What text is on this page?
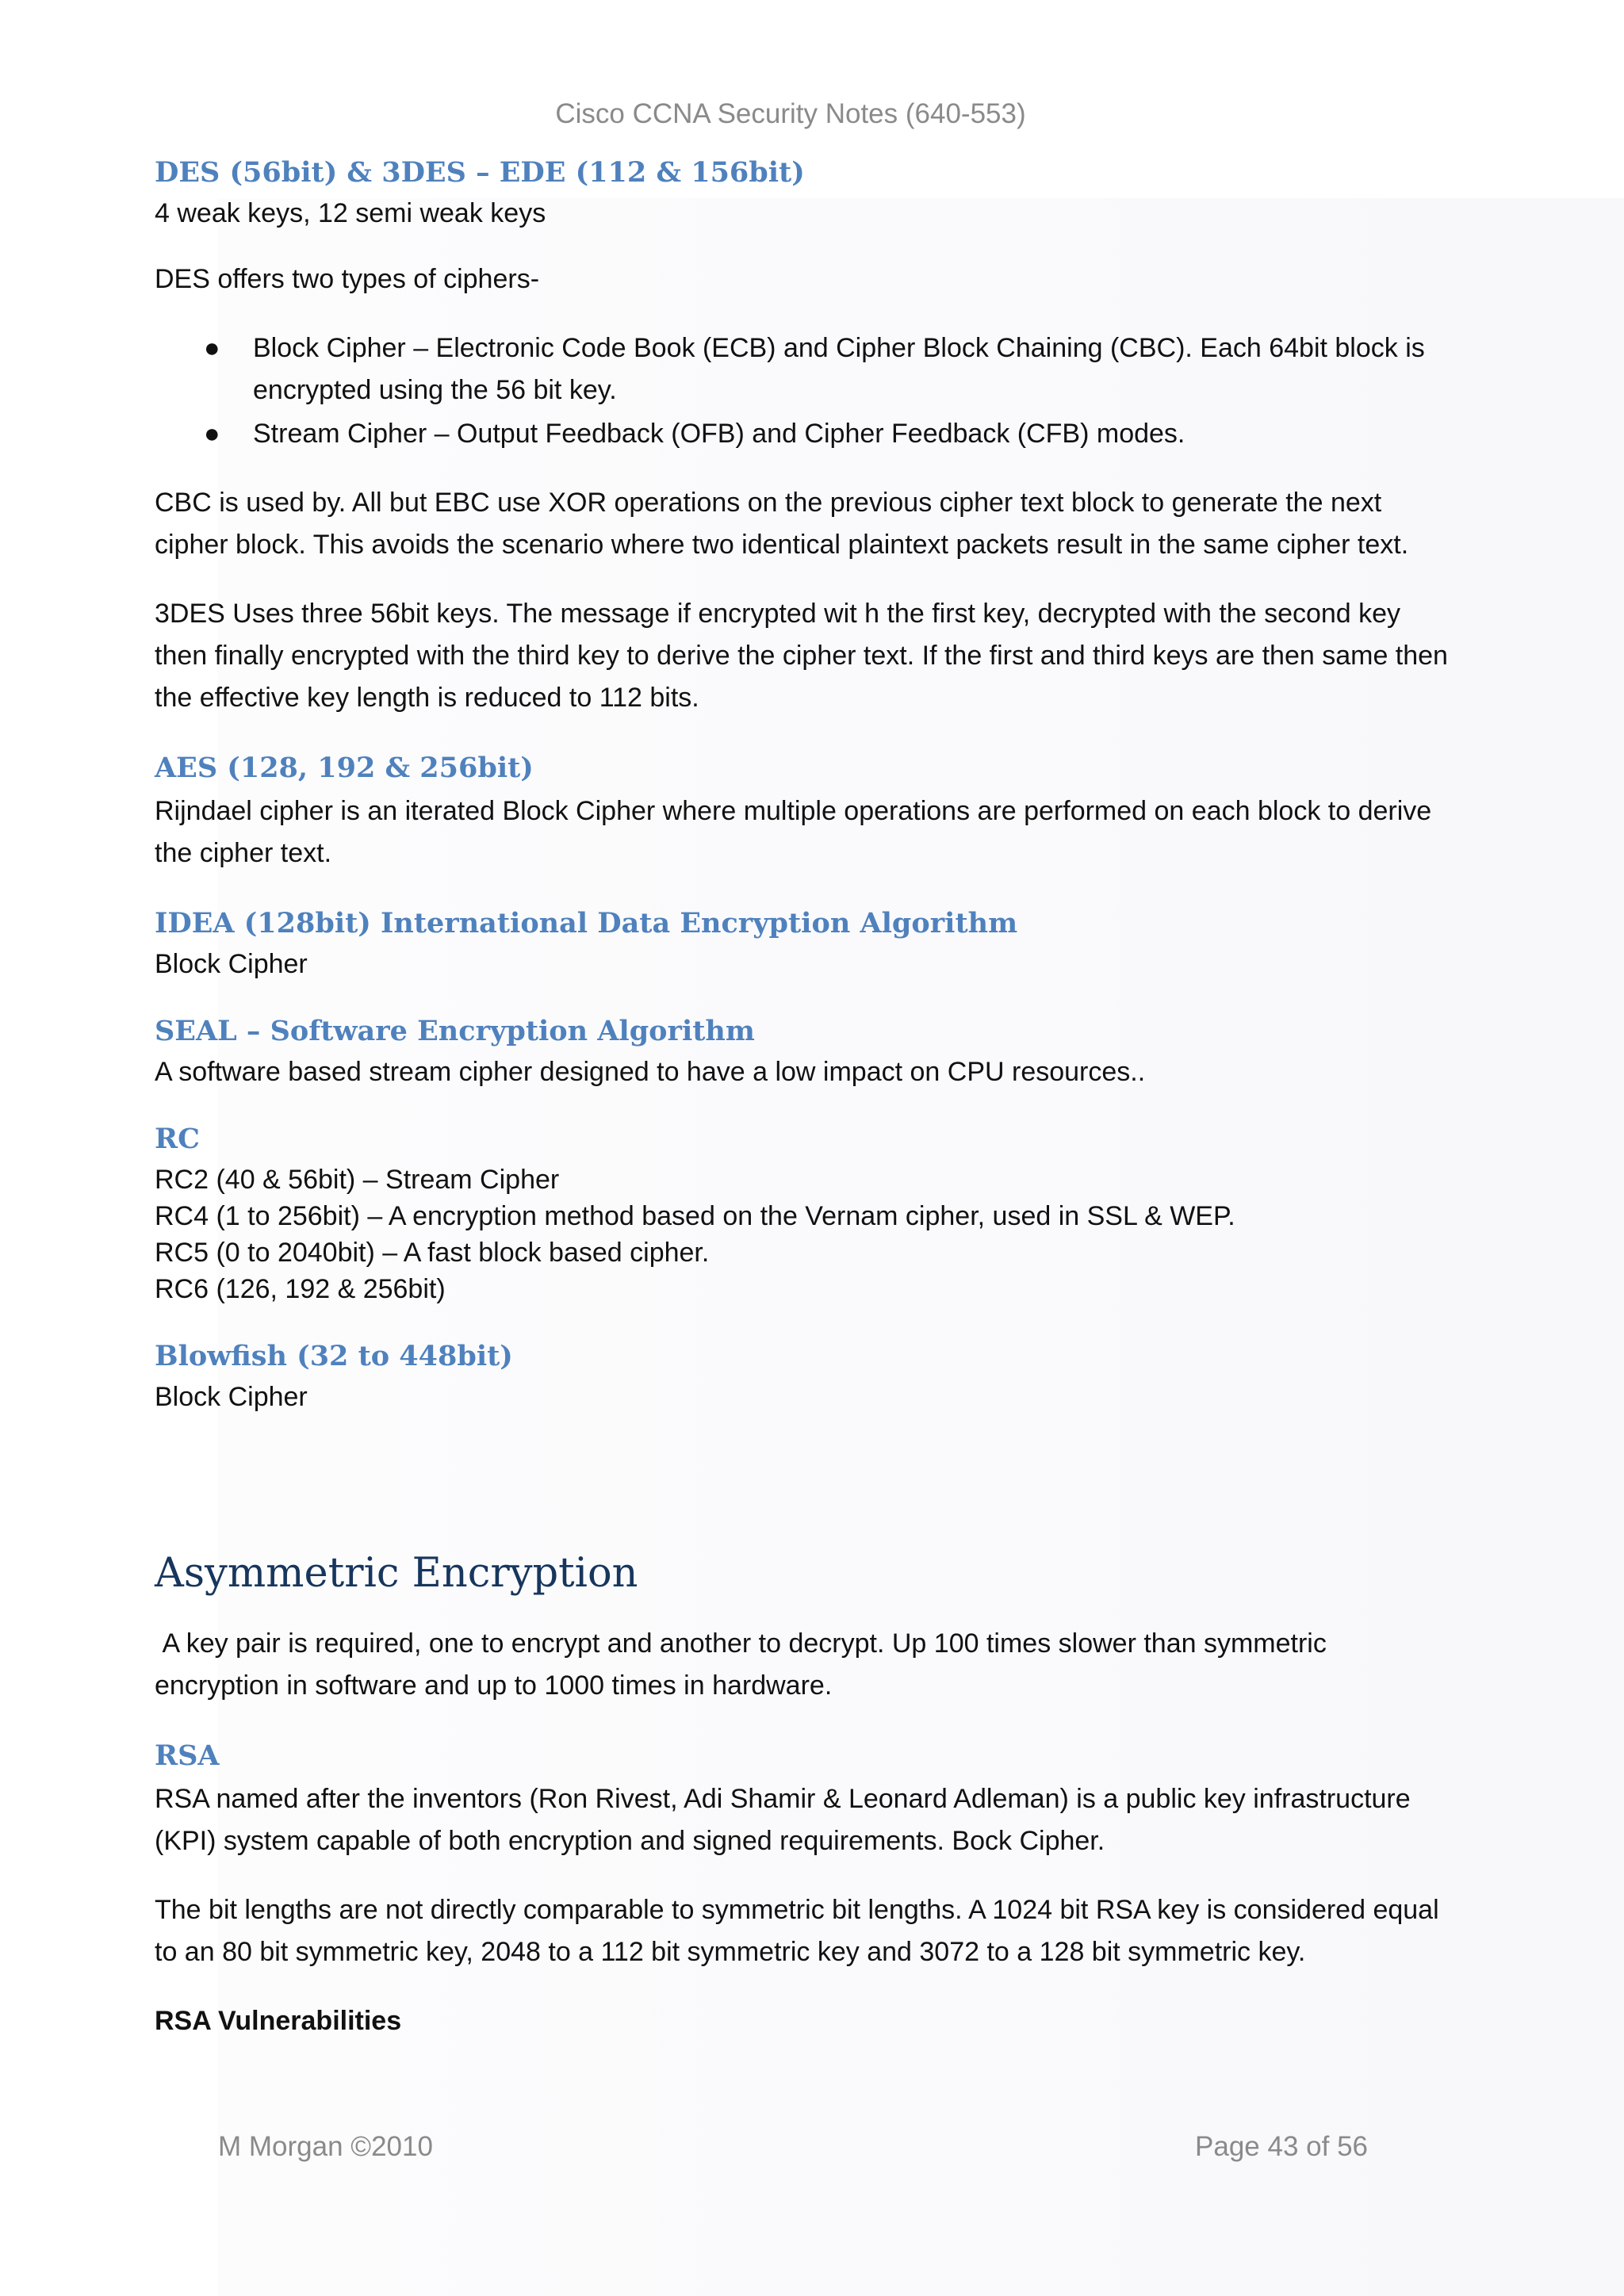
Cisco CCNA Security Notes (640-553)
DES (56bit) & 3DES – EDE (112 & 156bit)

4 weak keys, 12 semi weak keys

DES offers two types of ciphers-

● Block Cipher – Electronic Code Book (ECB) and Cipher Block Chaining (CBC). Each 64bit block is encrypted using the 56 bit key.
● Stream Cipher – Output Feedback (OFB) and Cipher Feedback (CFB) modes.

CBC is used by. All but EBC use XOR operations on the previous cipher text block to generate the next cipher block. This avoids the scenario where two identical plaintext packets result in the same cipher text.

3DES Uses three 56bit keys. The message if encrypted wit h the first key, decrypted with the second key then finally encrypted with the third key to derive the cipher text. If the first and third keys are then same then the effective key length is reduced to 112 bits.

AES (128, 192 & 256bit)

Rijndael cipher is an iterated Block Cipher where multiple operations are performed on each block to derive the cipher text.

IDEA (128bit) International Data Encryption Algorithm

Block Cipher

SEAL – Software Encryption Algorithm

A software based stream cipher designed to have a low impact on CPU resources..

RC
RC2 (40 & 56bit) – Stream Cipher
RC4 (1 to 256bit) – A encryption method based on the Vernam cipher, used in SSL & WEP.
RC5 (0 to 2040bit) – A fast block based cipher.
RC6 (126, 192 & 256bit)
Blowfish (32 to 448bit)

Block Cipher

Asymmetric Encryption

A key pair is required, one to encrypt and another to decrypt. Up 100 times slower than symmetric encryption in software and up to 1000 times in hardware.

RSA

RSA named after the inventors (Ron Rivest, Adi Shamir & Leonard Adleman) is a public key infrastructure (KPI) system capable of both encryption and signed requirements. Bock Cipher.

The bit lengths are not directly comparable to symmetric bit lengths. A 1024 bit RSA key is considered equal to an 80 bit symmetric key, 2048 to a 112 bit symmetric key and 3072 to a 128 bit symmetric key.

RSA Vulnerabilities

M Morgan ©2010	Page 43 of 56
